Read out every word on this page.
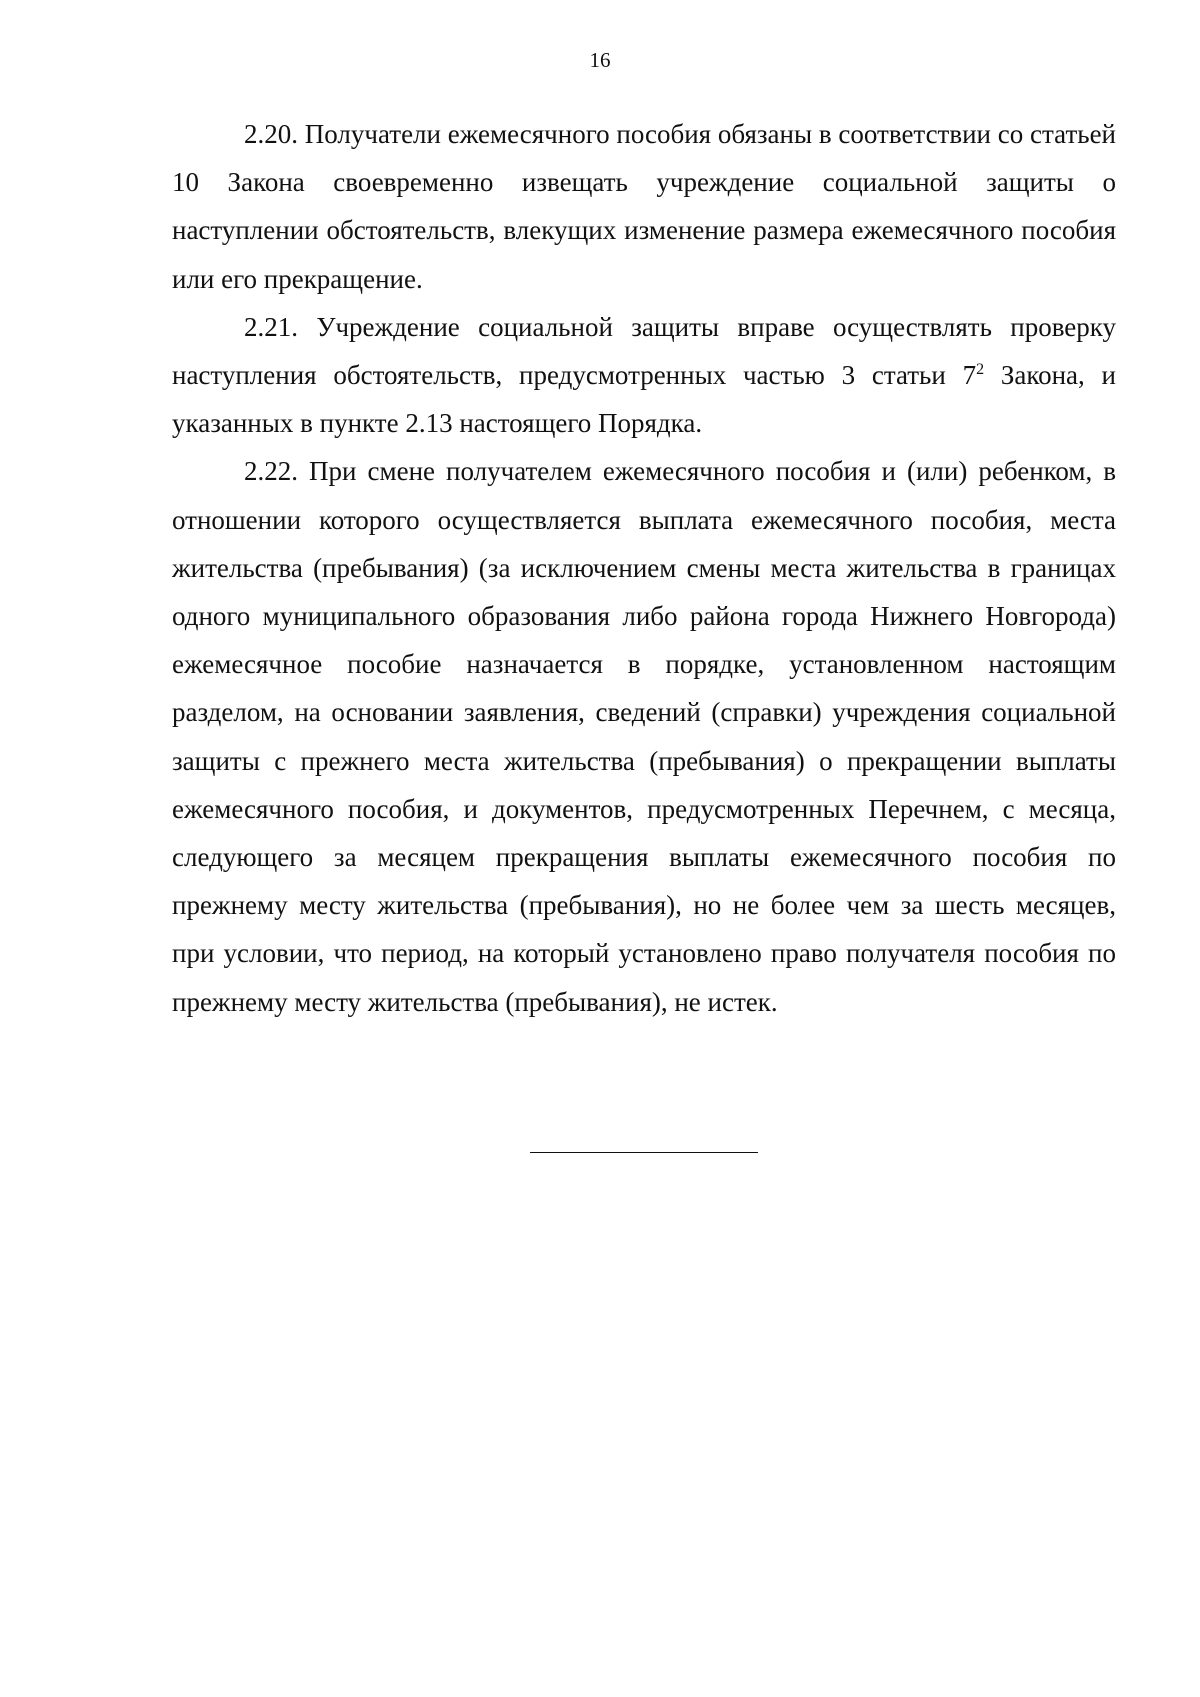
16

2.20. Получатели ежемесячного пособия обязаны в соответствии со статьей 10 Закона своевременно извещать учреждение социальной защиты о наступлении обстоятельств, влекущих изменение размера ежемесячного пособия или его прекращение.

2.21. Учреждение социальной защиты вправе осуществлять проверку наступления обстоятельств, предусмотренных частью 3 статьи $7^2$ Закона, и указанных в пункте 2.13 настоящего Порядка.

2.22. При смене получателем ежемесячного пособия и (или) ребенком, в отношении которого осуществляется выплата ежемесячного пособия, места жительства (пребывания) (за исключением смены места жительства в границах одного муниципального образования либо района города Нижнего Новгорода) ежемесячное пособие назначается в порядке, установленном настоящим разделом, на основании заявления, сведений (справки) учреждения социальной защиты с прежнего места жительства (пребывания) о прекращении выплаты ежемесячного пособия, и документов, предусмотренных Перечнем, с месяца, следующего за месяцем прекращения выплаты ежемесячного пособия по прежнему месту жительства (пребывания), но не более чем за шесть месяцев, при условии, что период, на который установлено право получателя пособия по прежнему месту жительства (пребывания), не истек.
